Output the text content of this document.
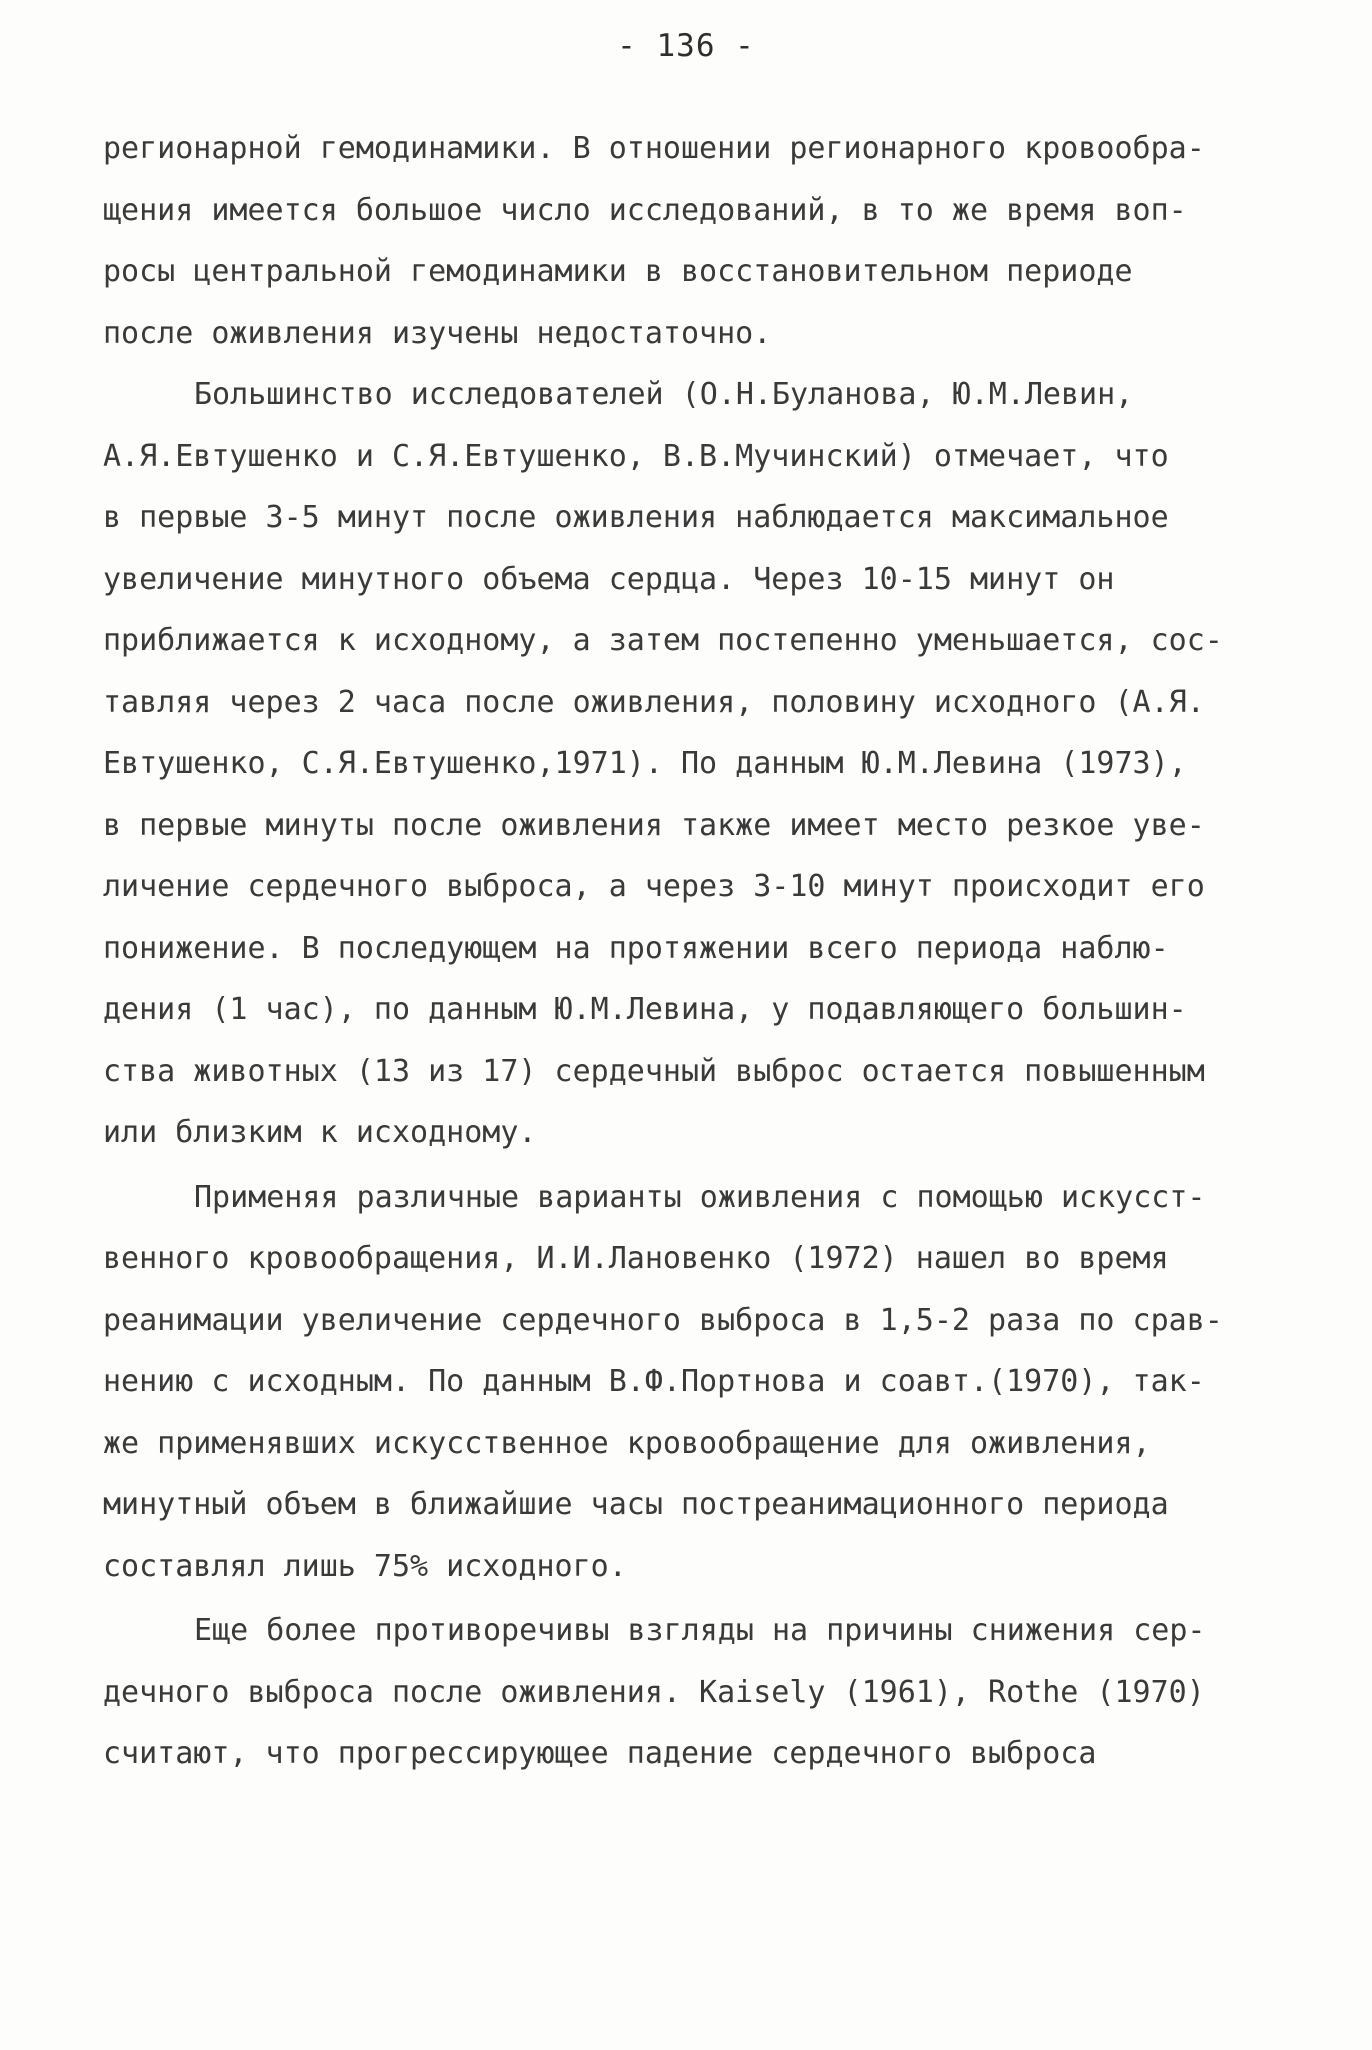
- 136 -
регионарной гемодинамики. В отношении регионарного кровообра-
щения имеется большое число исследований, в то же время воп-
росы центральной гемодинамики в восстановительном периоде
после оживления изучены недостаточно.
Большинство исследователей (О.Н.Буланова, Ю.М.Левин,
А.Я.Евтушенко и С.Я.Евтушенко, В.В.Мучинский) отмечает, что
в первые 3-5 минут после оживления наблюдается максимальное
увеличение минутного объема сердца. Через 10-15 минут он
приближается к исходному, а затем постепенно уменьшается, сос-
тавляя через 2 часа после оживления, половину исходного (А.Я.
Евтушенко, С.Я.Евтушенко,1971). По данным Ю.М.Левина (1973),
в первые минуты после оживления также имеет место резкое уве-
личение сердечного выброса, а через 3-10 минут происходит его
понижение. В последующем на протяжении всего периода наблю-
дения (1 час), по данным Ю.М.Левина, у подавляющего большин-
ства животных (13 из 17) сердечный выброс остается повышенным
или близким к исходному.
Применяя различные варианты оживления с помощью искусст-
венного кровообращения, И.И.Лановенко (1972) нашел во время
реанимации увеличение сердечного выброса в 1,5-2 раза по срав-
нению с исходным. По данным В.Ф.Портнова и соавт.(1970), так-
же применявших искусственное кровообращение для оживления,
минутный объем в ближайшие часы постреанимационного периода
составлял лишь 75% исходного.
Еще более противоречивы взгляды на причины снижения сер-
дечного выброса после оживления. Kaisely (1961), Rothe (1970)
считают, что прогрессирующее падение сердечного выброса
